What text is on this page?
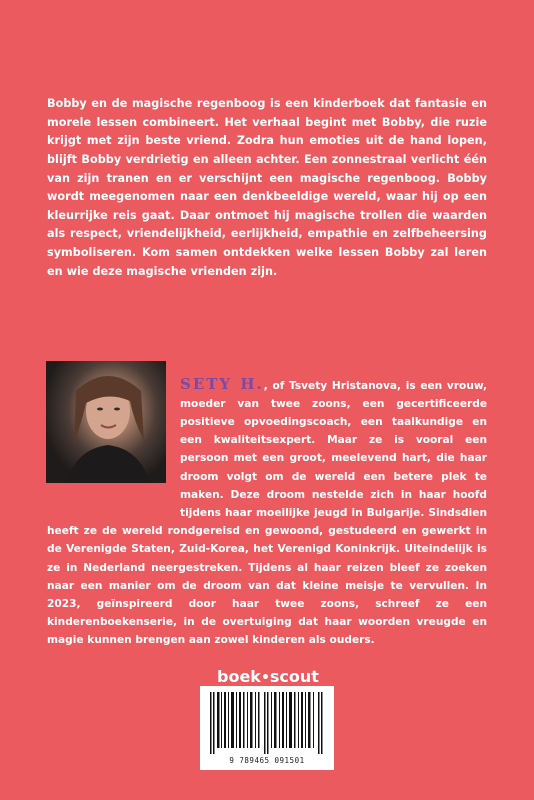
Bobby en de magische regenboog is een kinderboek dat fantasie en morele lessen combineert. Het verhaal begint met Bobby, die ruzie krijgt met zijn beste vriend. Zodra hun emoties uit de hand lopen, blijft Bobby verdrietig en alleen achter. Een zonnestraal verlicht één van zijn tranen en er verschijnt een magische regenboog. Bobby wordt meegenomen naar een denkbeeldige wereld, waar hij op een kleurrijke reis gaat. Daar ontmoet hij magische trollen die waarden als respect, vriendelijkheid, eerlijkheid, empathie en zelfbeheersing symboliseren. Kom samen ontdekken welke lessen Bobby zal leren en wie deze magische vrienden zijn.

SETY H., of Tsvety Hristanova, is een vrouw, moeder van twee zoons, een gecertificeerde positieve opvoedingscoach, een taalkundige en een kwaliteitsexpert. Maar ze is vooral een persoon met een groot, meelevend hart, die haar droom volgt om de wereld een betere plek te maken. Deze droom nestelde zich in haar hoofd tijdens haar moeilijke jeugd in Bulgarije. Sindsdien heeft ze de wereld rondgereisd en gewoond, gestudeerd en gewerkt in de Verenigde Staten, Zuid-Korea, het Verenigd Koninkrijk. Uiteindelijk is ze in Nederland neergestreken. Tijdens al haar reizen bleef ze zoeken naar een manier om de droom van dat kleine meisje te vervullen. In 2023, geïnspireerd door haar twee zoons, schreef ze een kinderenboekenserie, in de overtuiging dat haar woorden vreugde en magie kunnen brengen aan zowel kinderen als ouders.

boek•scout
9 789465 091501
